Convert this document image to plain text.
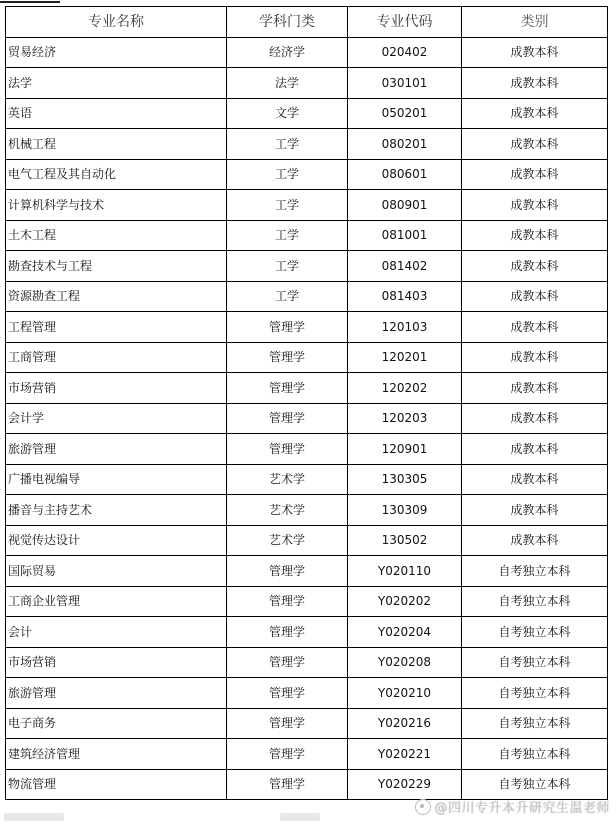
专业名称	学科门类	专业代码	类别
贸易经济	经济学	020402	成教本科
法学	法学	030101	成教本科
英语	文学	050201	成教本科
机械工程	工学	080201	成教本科
电气工程及其自动化	工学	080601	成教本科
计算机科学与技术	工学	080901	成教本科
土木工程	工学	081001	成教本科
勘查技术与工程	工学	081402	成教本科
资源勘查工程	工学	081403	成教本科
工程管理	管理学	120103	成教本科
工商管理	管理学	120201	成教本科
市场营销	管理学	120202	成教本科
会计学	管理学	120203	成教本科
旅游管理	管理学	120901	成教本科
广播电视编导	艺术学	130305	成教本科
播音与主持艺术	艺术学	130309	成教本科
视觉传达设计	艺术学	130502	成教本科
国际贸易	管理学	Y020110	自考独立本科
工商企业管理	管理学	Y020202	自考独立本科
会计	管理学	Y020204	自考独立本科
市场营销	管理学	Y020208	自考独立本科
旅游管理	管理学	Y020210	自考独立本科
电子商务	管理学	Y020216	自考独立本科
建筑经济管理	管理学	Y020221	自考独立本科
物流管理	管理学	Y020229	自考独立本科
@四川专升本升研究生温老师
